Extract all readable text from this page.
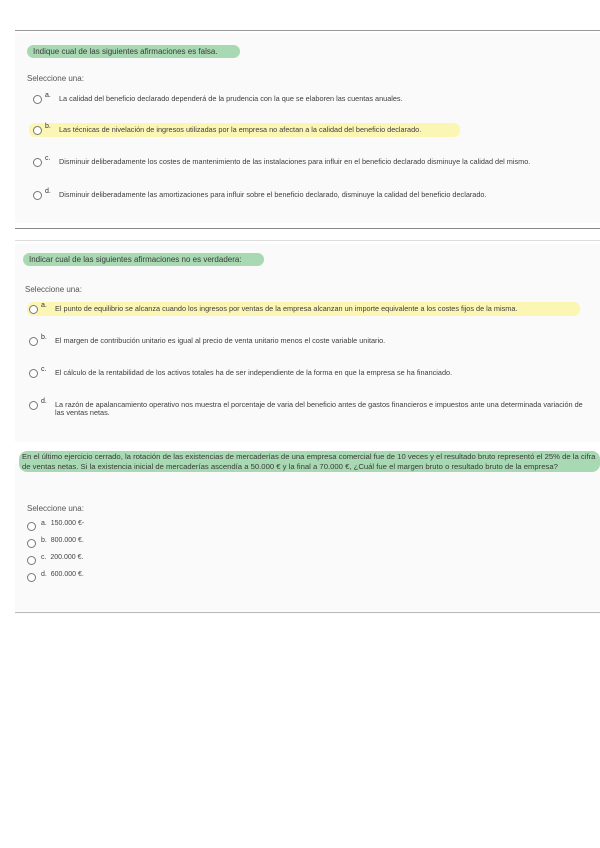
Indique cual de las siguientes afirmaciones es falsa.
Seleccione una:
a. La calidad del beneficio declarado dependerá de la prudencia con la que se elaboren las cuentas anuales.
b. Las técnicas de nivelación de ingresos utilizadas por la empresa no afectan a la calidad del beneficio declarado.
c. Disminuir deliberadamente los costes de mantenimiento de las instalaciones para influir en el beneficio declarado disminuye la calidad del mismo.
d. Disminuir deliberadamente las amortizaciones para influir sobre el beneficio declarado, disminuye la calidad del beneficio declarado.
Indicar cual de las siguientes afirmaciones no es verdadera:
Seleccione una:
a. El punto de equilibrio se alcanza cuando los ingresos por ventas de la empresa alcanzan un importe equivalente a los costes fijos de la misma.
b. El margen de contribución unitario es igual al precio de venta unitario menos el coste variable unitario.
c. El cálculo de la rentabilidad de los activos totales ha de ser independiente de la forma en que la empresa se ha financiado.
d. La razón de apalancamiento operativo nos muestra el porcentaje de varia del beneficio antes de gastos financieros e impuestos ante una determinada variación de las ventas netas.
En el último ejercicio cerrado, la rotación de las existencias de mercaderías de una empresa comercial fue de 10 veces y el resultado bruto representó el 25% de la cifra de ventas netas. Si la existencia inicial de mercaderías ascendía a 50.000 € y la final a 70.000 €, ¿Cuál fue el margen bruto o resultado bruto de la empresa?
Seleccione una:
a. 150.000 €-
b. 800.000 €.
c. 200.000 €.
d. 600.000 €.
